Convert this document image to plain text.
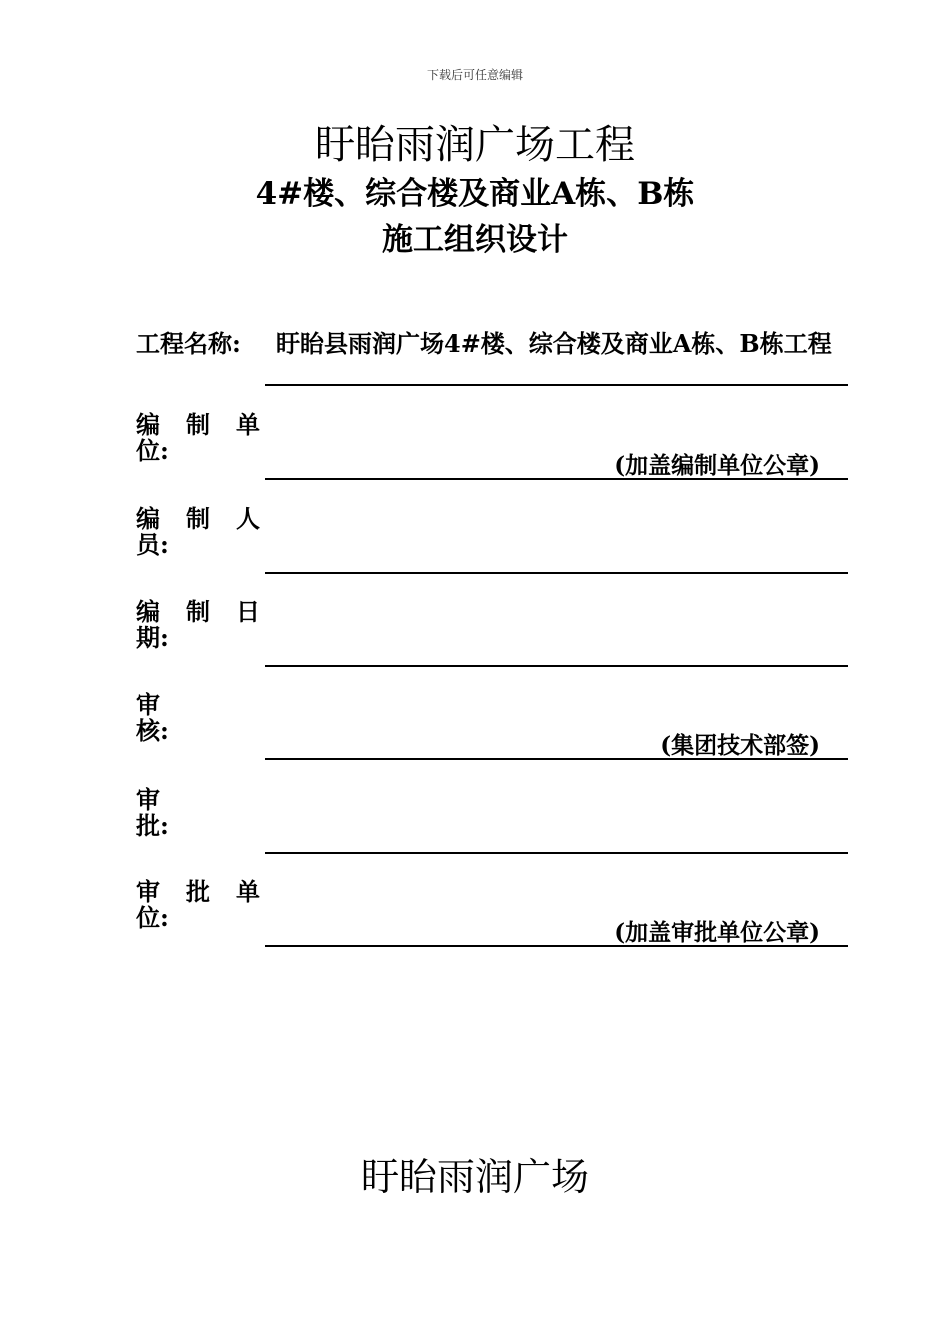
下载后可任意编辑
盱眙雨润广场工程
4#楼、综合楼及商业A栋、B栋
施工组织设计
工程名称: 盱眙县雨润广场4#楼、综合楼及商业A栋、B栋工程
编　制　单
位:
(加盖编制单位公章)
编　制　人
员:
编　制　日
期:
审
核:
(集团技术部签)
审
批:
审　批　单
位:
(加盖审批单位公章)
盱眙雨润广场
